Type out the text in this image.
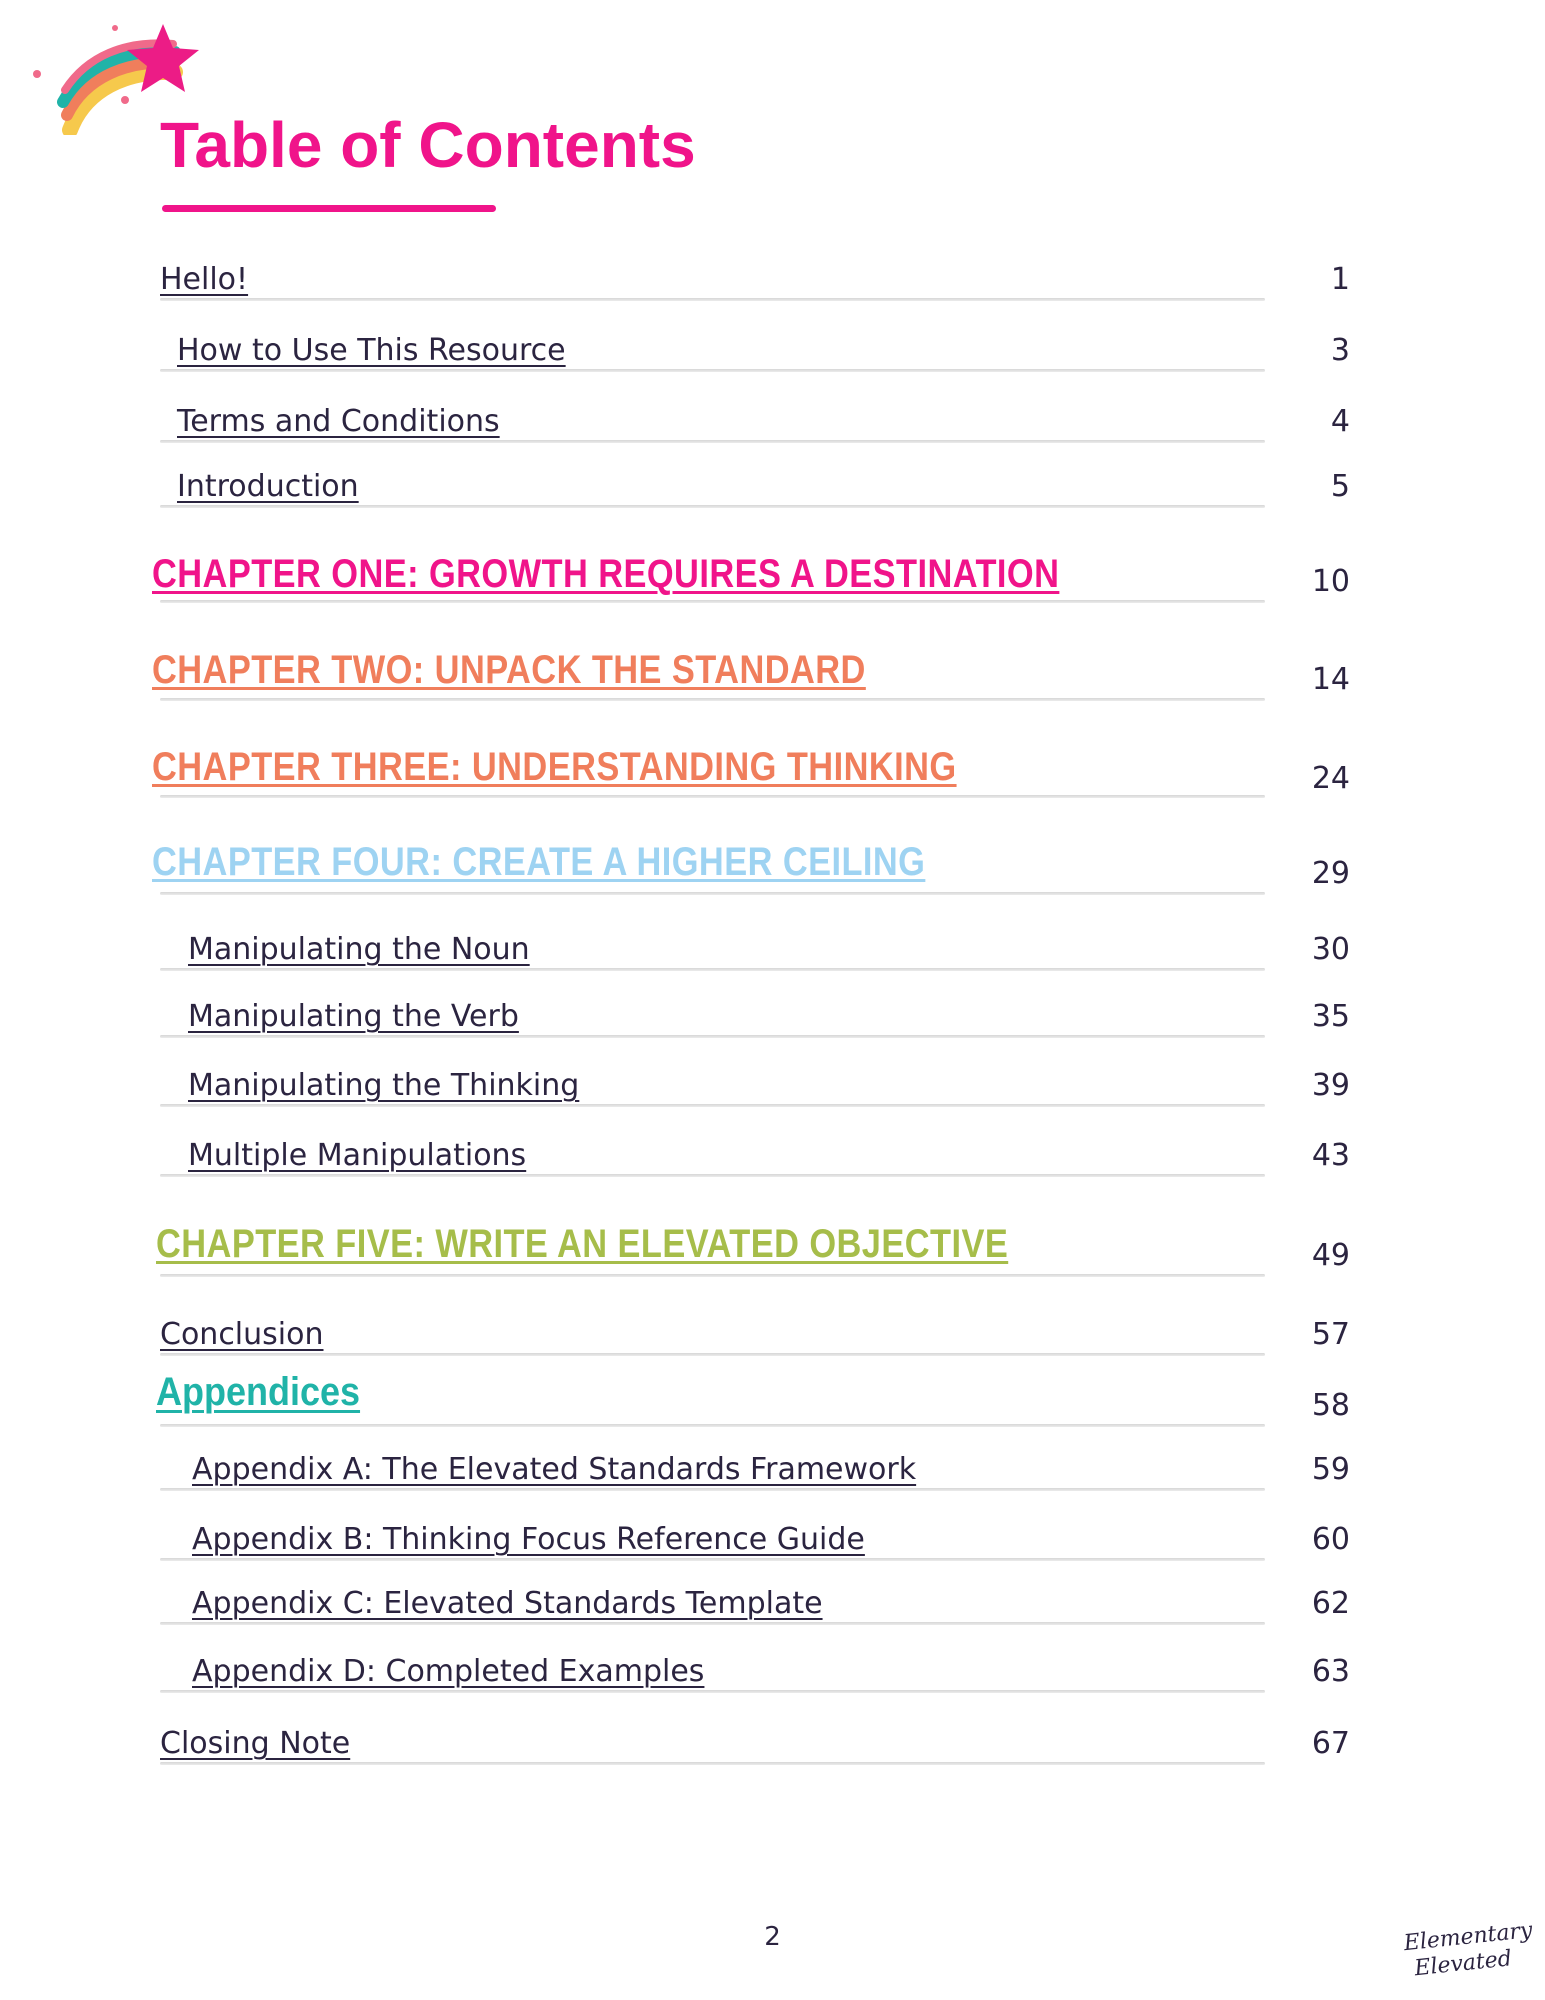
Table of Contents
Hello!	1
How to Use This Resource	3
Terms and Conditions	4
Introduction	5
CHAPTER ONE: GROWTH REQUIRES A DESTINATION	10
CHAPTER TWO: UNPACK THE STANDARD	14
CHAPTER THREE: UNDERSTANDING THINKING	24
CHAPTER FOUR: CREATE A HIGHER CEILING	29
Manipulating the Noun	30
Manipulating the Verb	35
Manipulating the Thinking	39
Multiple Manipulations	43
CHAPTER FIVE: WRITE AN ELEVATED OBJECTIVE	49
Conclusion	57
Appendices	58
Appendix A: The Elevated Standards Framework	59
Appendix B: Thinking Focus Reference Guide	60
Appendix C: Elevated Standards Template	62
Appendix D: Completed Examples	63
Closing Note	67
2	Elementary
Elevated
